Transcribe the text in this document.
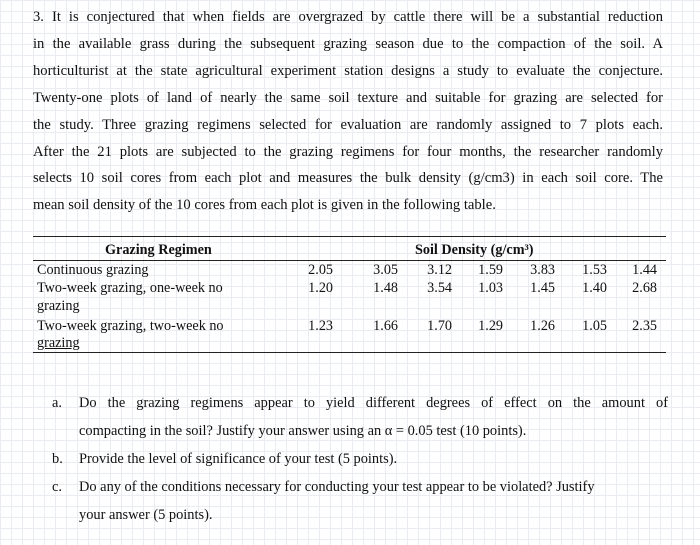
3. It is conjectured that when fields are overgrazed by cattle there will be a substantial reduction
in the available grass during the subsequent grazing season due to the compaction of the soil. A
horticulturist at the state agricultural experiment station designs a study to evaluate the conjecture.
Twenty-one plots of land of nearly the same soil texture and suitable for grazing are selected for
the study. Three grazing regimens selected for evaluation are randomly assigned to 7 plots each.
After the 21 plots are subjected to the grazing regimens for four months, the researcher randomly
selects 10 soil cores from each plot and measures the bulk density (g/cm3) in each soil core. The
mean soil density of the 10 cores from each plot is given in the following table.
Grazing Regimen	Soil Density (g/cm³)
Continuous grazing	2.05	3.05	3.12	1.59	3.83	1.53	1.44
Two-week grazing, one-week no
grazing
1.20	1.48	3.54	1.03	1.45	1.40	2.68
Two-week grazing, two-week no
grazing
1.23	1.66	1.70	1.29	1.26	1.05	2.35
a. Do the grazing regimens appear to yield different degrees of effect on the amount of
compacting in the soil? Justify your answer using an α = 0.05 test (10 points).
b. Provide the level of significance of your test (5 points).
c. Do any of the conditions necessary for conducting your test appear to be violated? Justify
your answer (5 points).
